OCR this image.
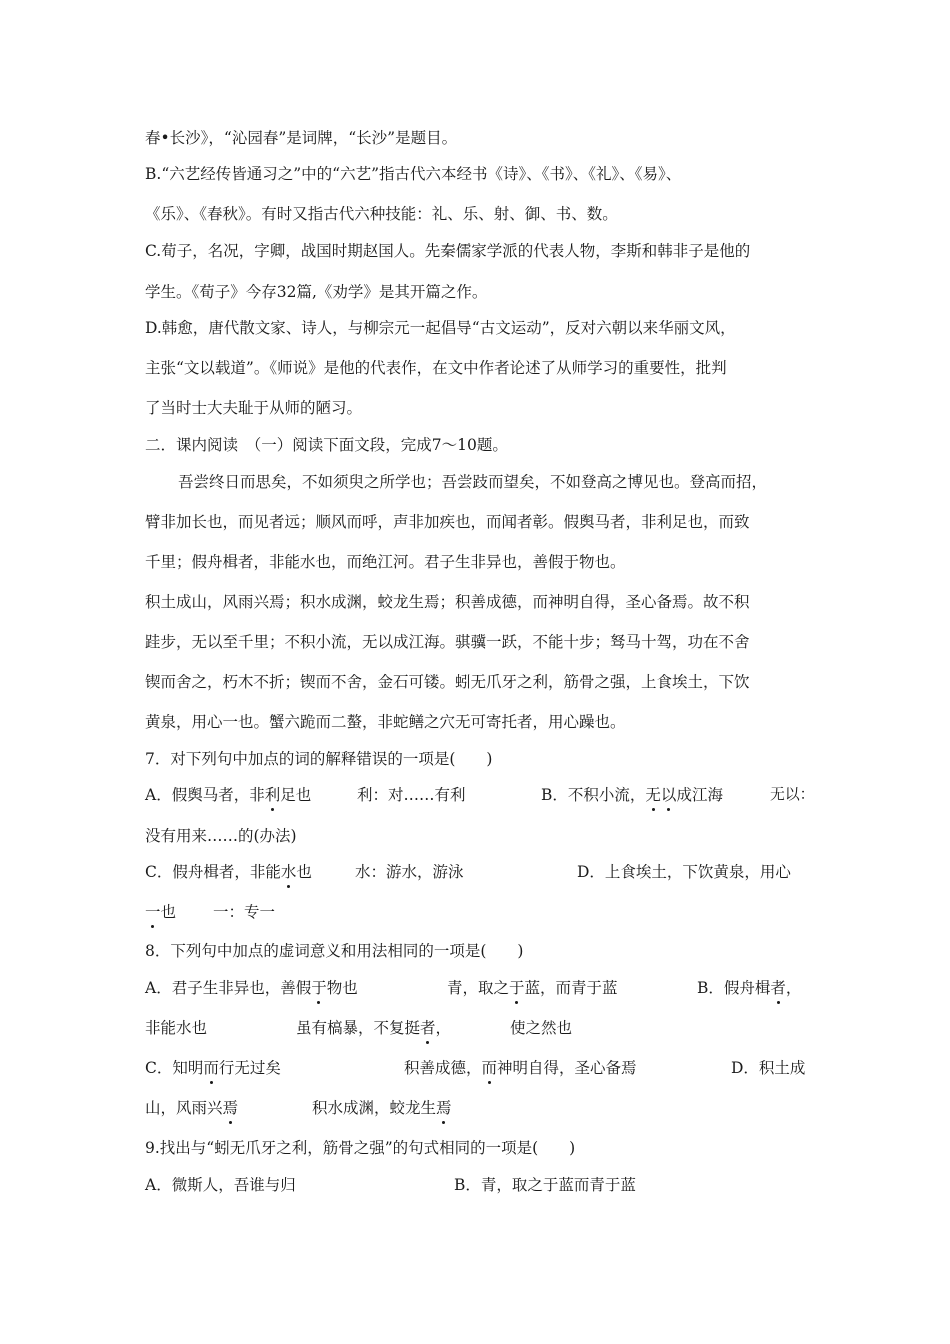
春•长沙》，“沁园春”是词牌，“长沙”是题目。
B.“六艺经传皆通习之”中的“六艺”指古代六本经书《诗》、《书》、《礼》、《易》、
《乐》、《春秋》。有时又指古代六种技能：礼、乐、射、御、书、数。
C.荀子，名况，字卿，战国时期赵国人。先秦儒家学派的代表人物，李斯和韩非子是他的
学生。《荀子》今存32篇,《劝学》是其开篇之作。
D.韩愈，唐代散文家、诗人，与柳宗元一起倡导“古文运动”，反对六朝以来华丽文风，
主张“文以载道”。《师说》是他的代表作，在文中作者论述了从师学习的重要性，批判
了当时士大夫耻于从师的陋习。
二．课内阅读　（一）阅读下面文段，完成7～10题。
吾尝终日而思矣，不如须臾之所学也；吾尝跂而望矣，不如登高之博见也。登高而招，
臂非加长也，而见者远；顺风而呼，声非加疾也，而闻者彰。假舆马者，非利足也，而致
千里；假舟楫者，非能水也，而绝江河。君子生非异也，善假于物也。
积土成山，风雨兴焉；积水成渊，蛟龙生焉；积善成德，而神明自得，圣心备焉。故不积
跬步，无以至千里；不积小流，无以成江海。骐骥一跃，不能十步；驽马十驾，功在不舍
锲而舍之，朽木不折；锲而不舍，金石可镂。蚓无爪牙之利，筋骨之强，上食埃土，下饮
黄泉，用心一也。蟹六跪而二螯，非蛇鳝之穴无可寄托者，用心躁也。
7．对下列句中加点的词的解释错误的一项是(　　)
A．假舆马者，非利足也	利：对……有利	B．不积小流，无以成江海	无以：
没有用来……的(办法)
C．假舟楫者，非能水也	水：游水，游泳	D．上食埃土，下饮黄泉，用心
一也 一：专一
8．下列句中加点的虚词意义和用法相同的一项是(　　)
A．君子生非异也，善假于物也	青，取之于蓝，而青于蓝	B．假舟楫者，
非能水也	虽有槁暴，不复挺者，	使之然也
C．知明而行无过矣	积善成德，而神明自得，圣心备焉	D．积土成
山，风雨兴焉	积水成渊，蛟龙生焉
9.找出与“蚓无爪牙之利，筋骨之强”的句式相同的一项是(　　)
A．微斯人，吾谁与归	B．青，取之于蓝而青于蓝
